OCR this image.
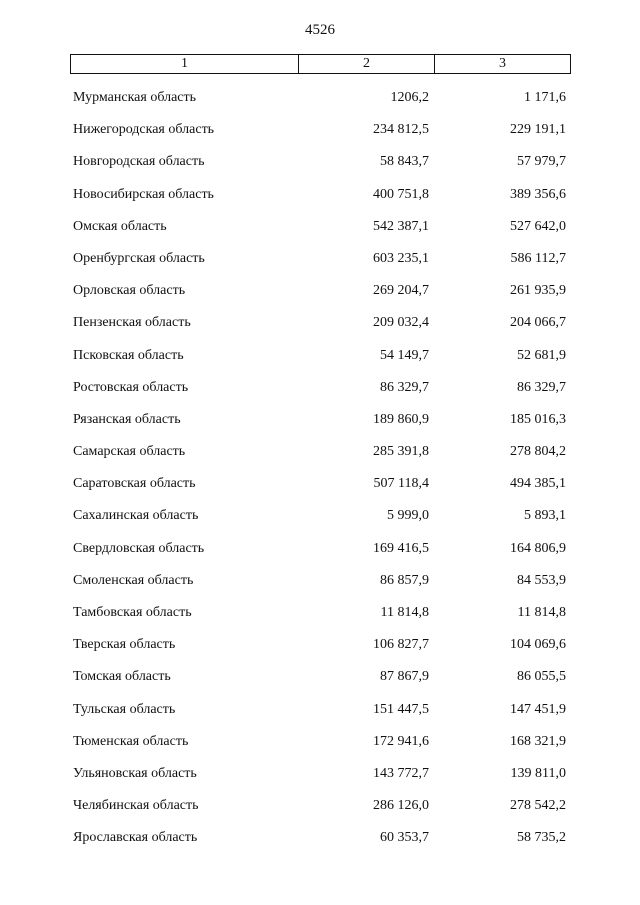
4526
1	2	3
Мурманская область	1206,2	1 171,6
Нижегородская область	234 812,5	229 191,1
Новгородская область	58 843,7	57 979,7
Новосибирская область	400 751,8	389 356,6
Омская область	542 387,1	527 642,0
Оренбургская область	603 235,1	586 112,7
Орловская область	269 204,7	261 935,9
Пензенская область	209 032,4	204 066,7
Псковская область	54 149,7	52 681,9
Ростовская область	86 329,7	86 329,7
Рязанская область	189 860,9	185 016,3
Самарская область	285 391,8	278 804,2
Саратовская область	507 118,4	494 385,1
Сахалинская область	5 999,0	5 893,1
Свердловская область	169 416,5	164 806,9
Смоленская область	86 857,9	84 553,9
Тамбовская область	11 814,8	11 814,8
Тверская область	106 827,7	104 069,6
Томская область	87 867,9	86 055,5
Тульская область	151 447,5	147 451,9
Тюменская область	172 941,6	168 321,9
Ульяновская область	143 772,7	139 811,0
Челябинская область	286 126,0	278 542,2
Ярославская область	60 353,7	58 735,2
